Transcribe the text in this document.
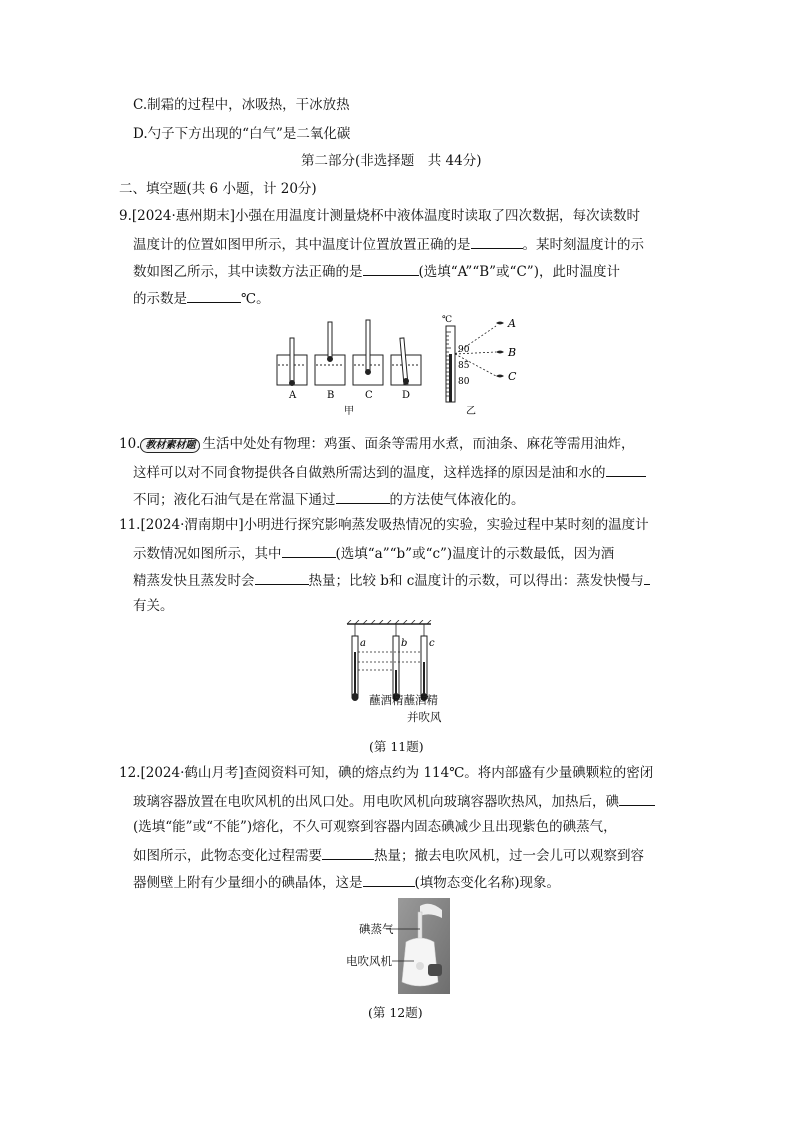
C.制霜的过程中，冰吸热，干冰放热
D.勺子下方出现的“白气”是二氧化碳
第二部分(非选择题　共 44分)
二、填空题(共 6 小题，计 20分)
9.[2024·惠州期末]小强在用温度计测量烧杯中液体温度时读取了四次数据，每次读数时
温度计的位置如图甲所示，其中温度计位置放置正确的是	。某时刻温度计的示
数如图乙所示，其中读数方法正确的是	(选填“A”“B”或“C”)，此时温度计
的示数是	℃。
A	B	C	D
甲
℃
90
85
80
A
B
C
乙
10. 教材素材题 生活中处处有物理：鸡蛋、面条等需用水煮，而油条、麻花等需用油炸，
这样可以对不同食物提供各自做熟所需达到的温度，这样选择的原因是油和水的
不同；液化石油气是在常温下通过	的方法使气体液化的。
11.[2024·渭南期中]小明进行探究影响蒸发吸热情况的实验，实验过程中某时刻的温度计
示数情况如图所示，其中	(选填“a”“b”或“c”)温度计的示数最低，因为酒
精蒸发快且蒸发时会	热量；比较 b和 c温度计的示数，可以得出：蒸发快慢与
有关。
a	b c
蘸酒精蘸酒精
并吹风
(第 11题)
12.[2024·鹤山月考]查阅资料可知，碘的熔点约为 114℃。将内部盛有少量碘颗粒的密闭
玻璃容器放置在电吹风机的出风口处。用电吹风机向玻璃容器吹热风，加热后，碘
(选填“能”或“不能”)熔化，不久可观察到容器内固态碘减少且出现紫色的碘蒸气，
如图所示，此物态变化过程需要	热量；撤去电吹风机，过一会儿可以观察到容
器侧壁上附有少量细小的碘晶体，这是	(填物态变化名称)现象。
碘蒸气
电吹风机
(第 12题)
